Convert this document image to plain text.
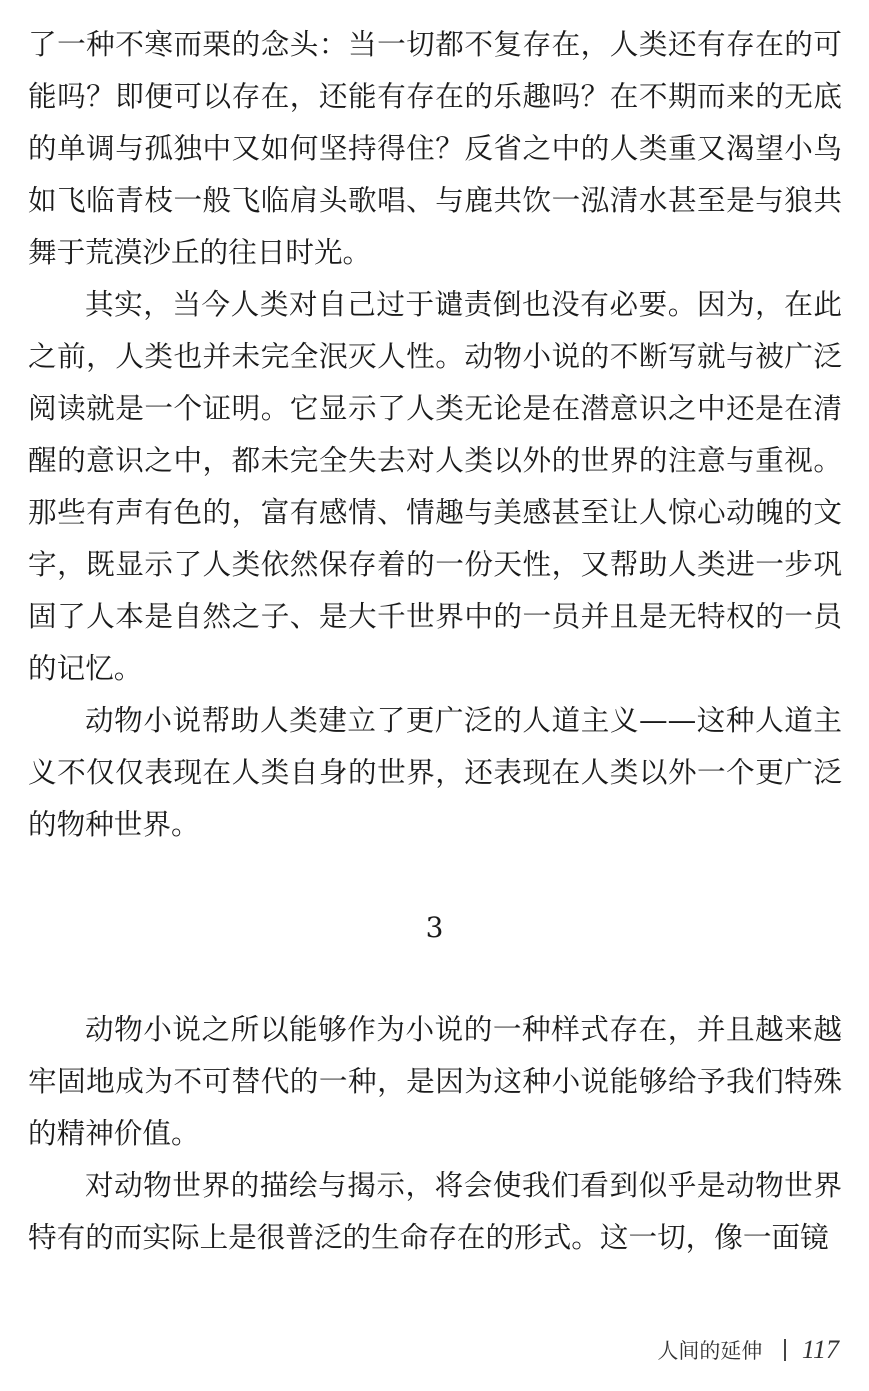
了一种不寒而栗的念头：当一切都不复存在，人类还有存在的可能吗？即便可以存在，还能有存在的乐趣吗？在不期而来的无底的单调与孤独中又如何坚持得住？反省之中的人类重又渴望小鸟如飞临青枝一般飞临肩头歌唱、与鹿共饮一泓清水甚至是与狼共舞于荒漠沙丘的往日时光。

其实，当今人类对自己过于谴责倒也没有必要。因为，在此之前，人类也并未完全泯灭人性。动物小说的不断写就与被广泛阅读就是一个证明。它显示了人类无论是在潜意识之中还是在清醒的意识之中，都未完全失去对人类以外的世界的注意与重视。那些有声有色的，富有感情、情趣与美感甚至让人惊心动魄的文字，既显示了人类依然保存着的一份天性，又帮助人类进一步巩固了人本是自然之子、是大千世界中的一员并且是无特权的一员的记忆。

动物小说帮助人类建立了更广泛的人道主义——这种人道主义不仅仅表现在人类自身的世界，还表现在人类以外一个更广泛的物种世界。

3

动物小说之所以能够作为小说的一种样式存在，并且越来越牢固地成为不可替代的一种，是因为这种小说能够给予我们特殊的精神价值。

对动物世界的描绘与揭示，将会使我们看到似乎是动物世界特有的而实际上是很普泛的生命存在的形式。这一切，像一面镜

人间的延伸 117
